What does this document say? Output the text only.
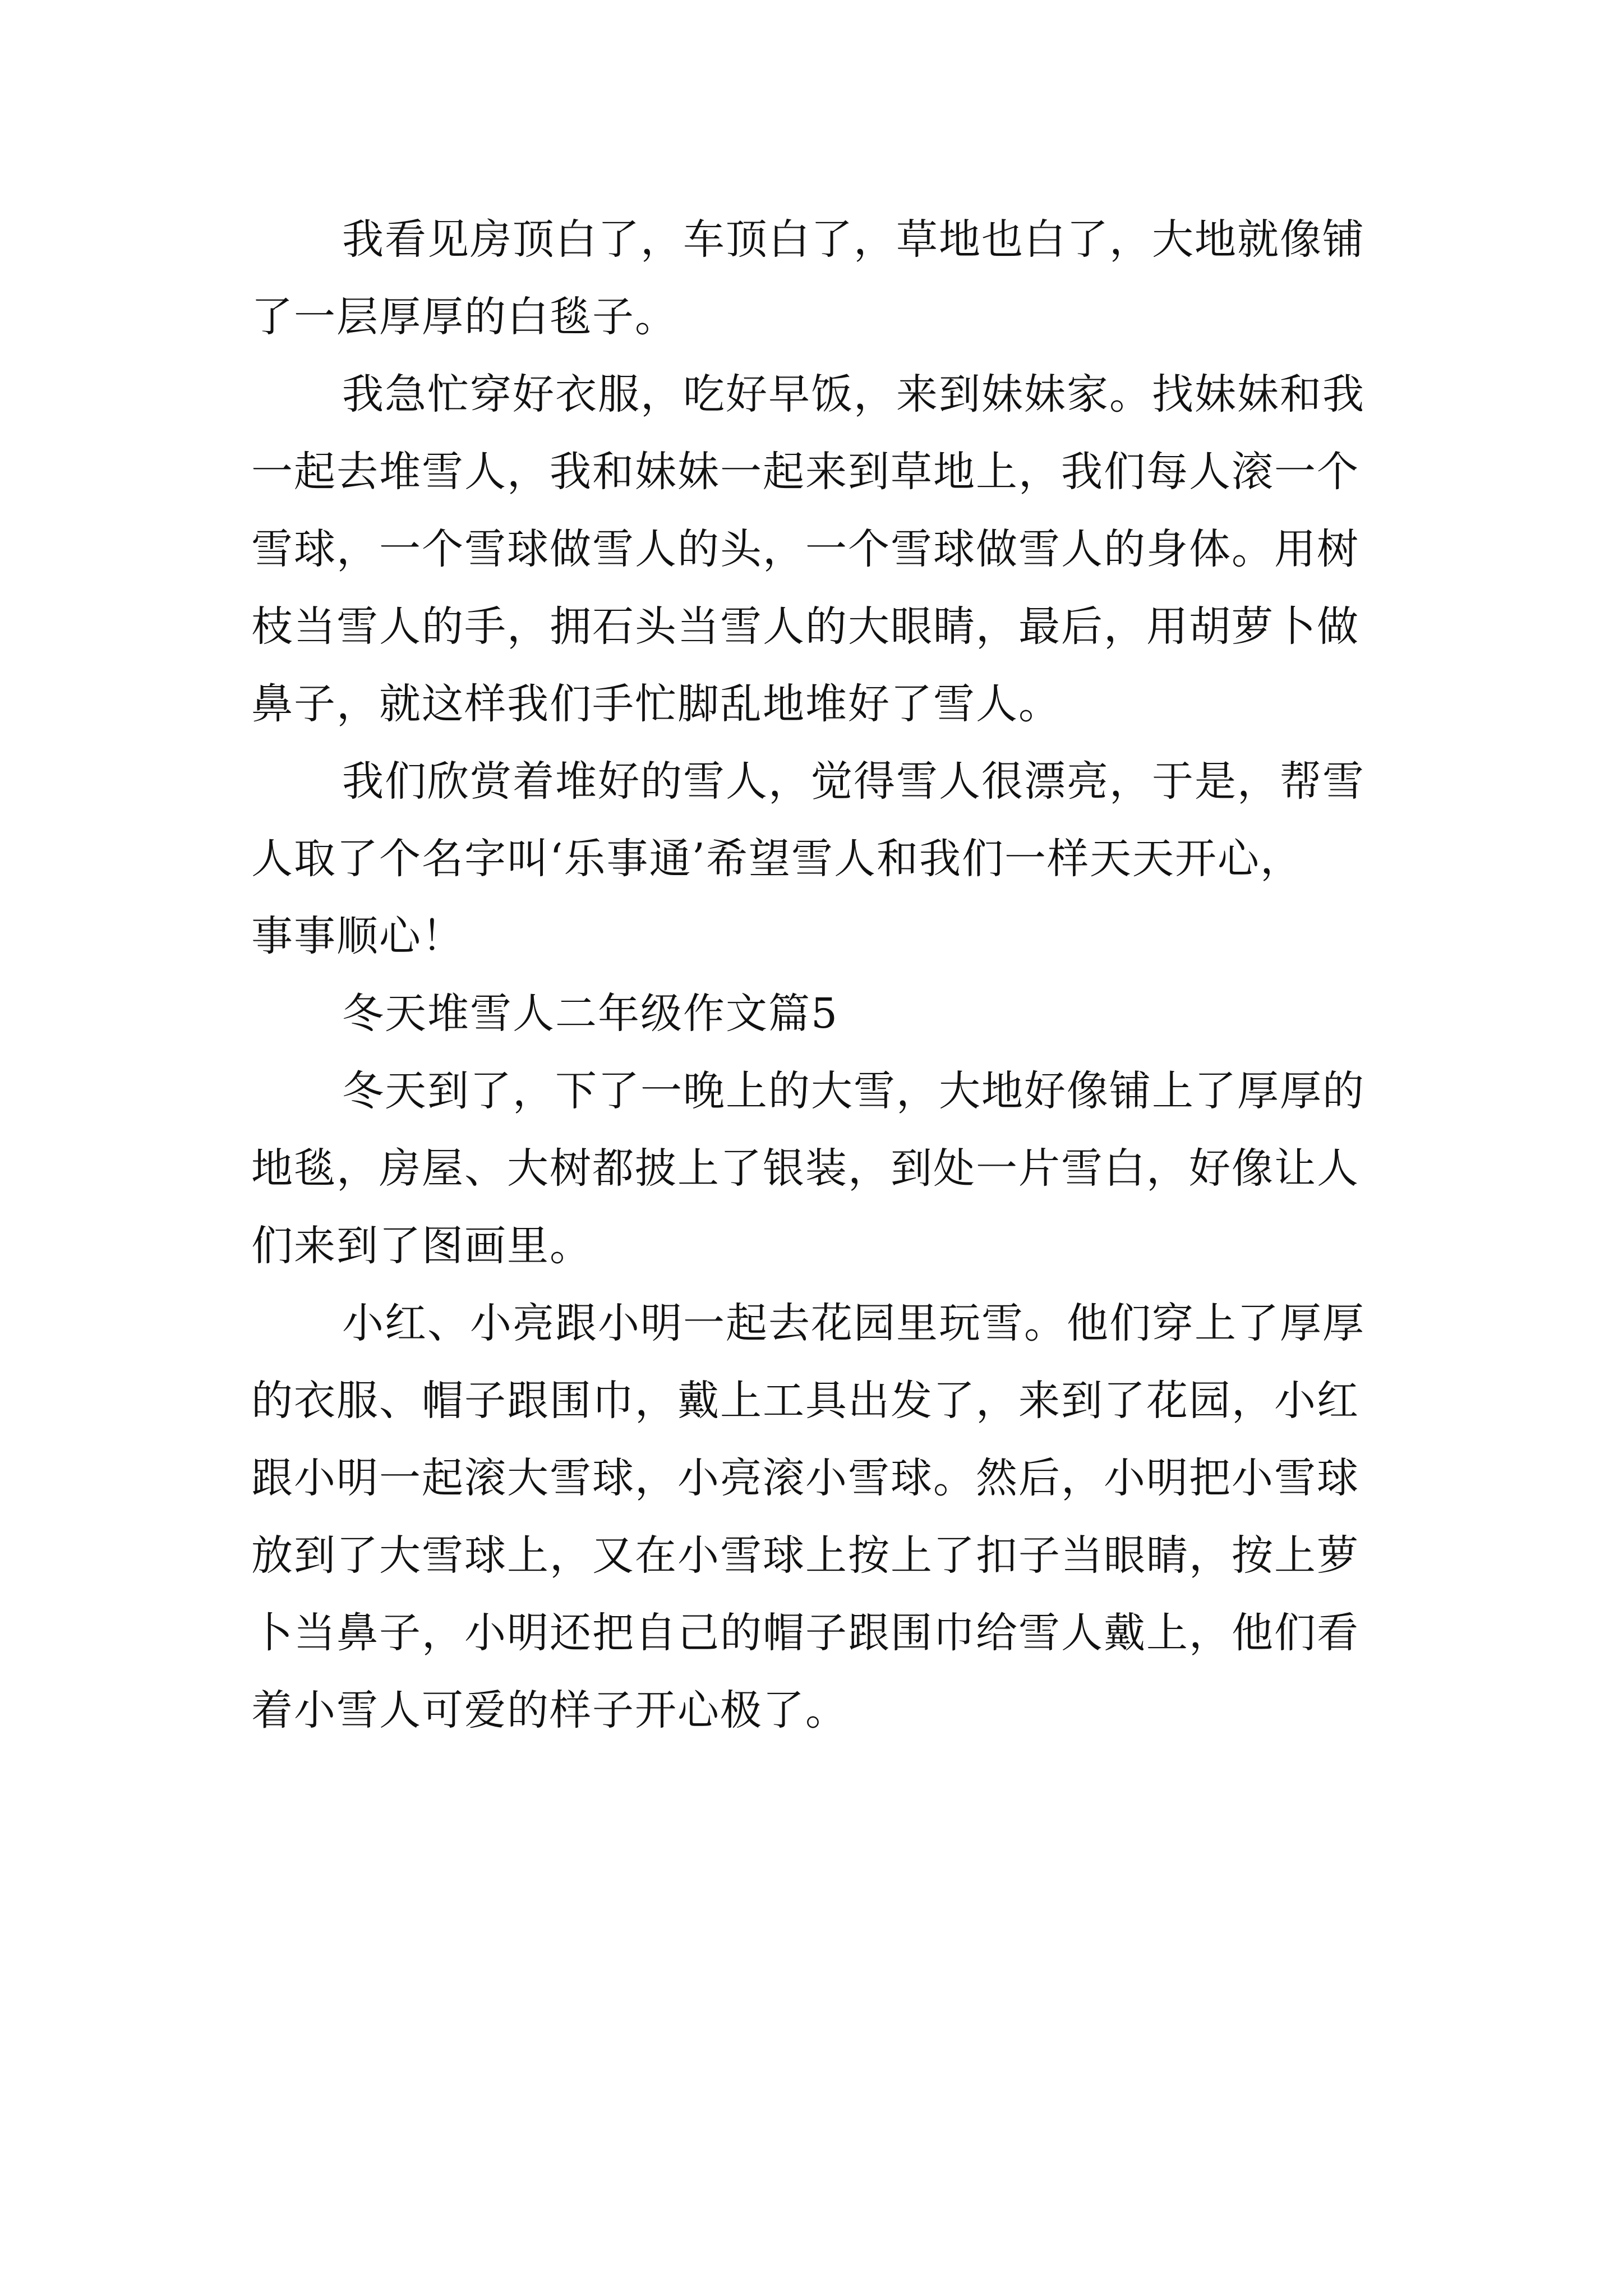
我看见房顶白了，车顶白了，草地也白了，大地就像铺
了一层厚厚的白毯子。
我急忙穿好衣服，吃好早饭，来到妹妹家。找妹妹和我
一起去堆雪人，我和妹妹一起来到草地上，我们每人滚一个
雪球，一个雪球做雪人的头，一个雪球做雪人的身体。用树
枝当雪人的手，拥石头当雪人的大眼睛，最后，用胡萝卜做
鼻子，就这样我们手忙脚乱地堆好了雪人。
我们欣赏着堆好的雪人，觉得雪人很漂亮，于是，帮雪
人取了个名字叫‘乐事通’希望雪人和我们一样天天开心，
事事顺心！
冬天堆雪人二年级作文篇5
冬天到了，下了一晚上的大雪，大地好像铺上了厚厚的
地毯，房屋、大树都披上了银装，到处一片雪白，好像让人
们来到了图画里。
小红、小亮跟小明一起去花园里玩雪。他们穿上了厚厚
的衣服、帽子跟围巾，戴上工具出发了，来到了花园，小红
跟小明一起滚大雪球，小亮滚小雪球。然后，小明把小雪球
放到了大雪球上，又在小雪球上按上了扣子当眼睛，按上萝
卜当鼻子，小明还把自己的帽子跟围巾给雪人戴上，他们看
着小雪人可爱的样子开心极了。
